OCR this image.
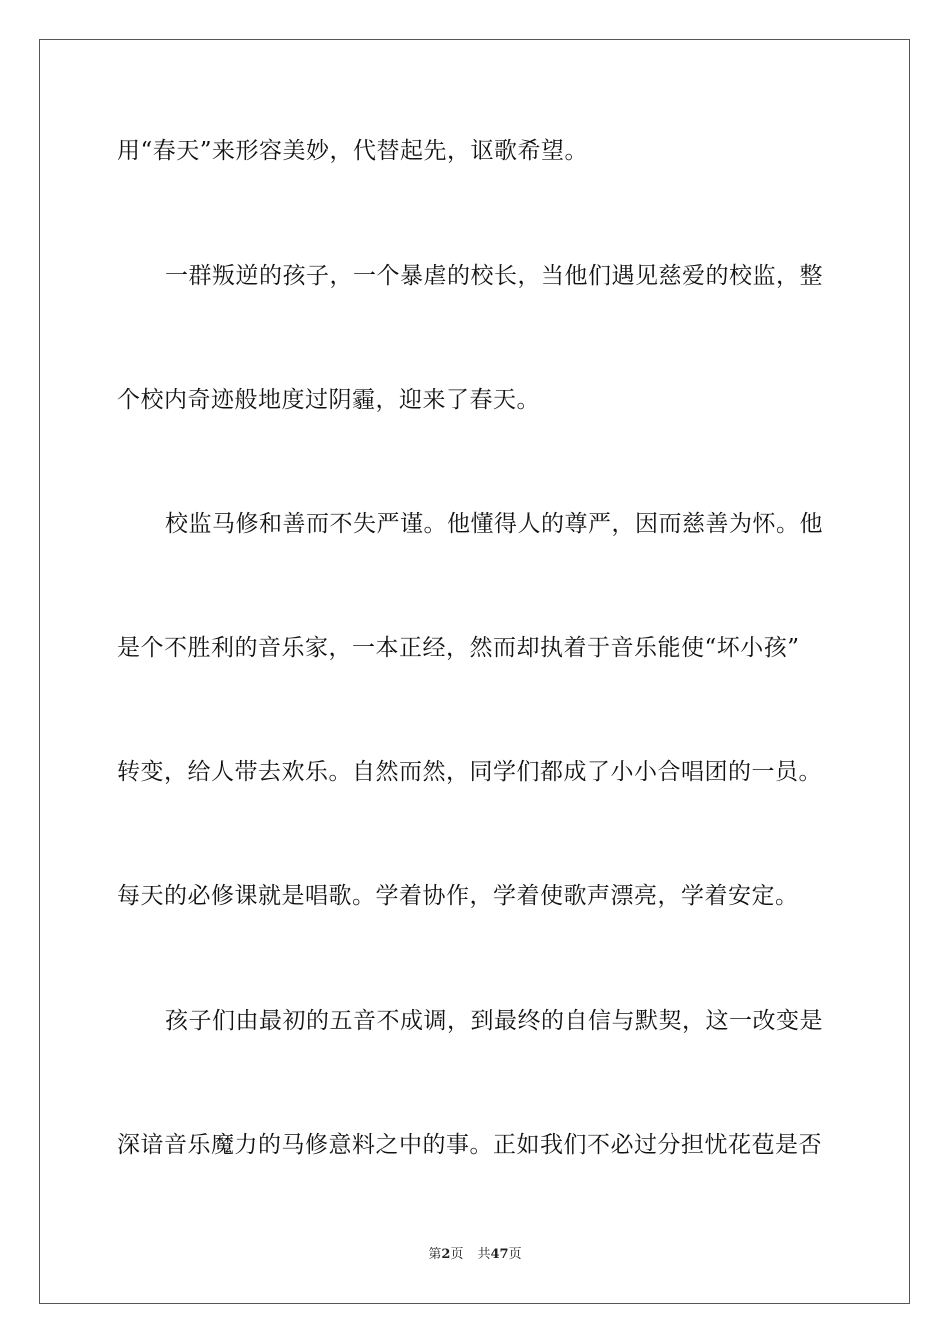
用“春天”来形容美妙，代替起先，讴歌希望。
一群叛逆的孩子，一个暴虐的校长，当他们遇见慈爱的校监，整
个校内奇迹般地度过阴霾，迎来了春天。
校监马修和善而不失严谨。他懂得人的尊严，因而慈善为怀。他
是个不胜利的音乐家，一本正经，然而却执着于音乐能使“坏小孩”
转变，给人带去欢乐。自然而然，同学们都成了小小合唱团的一员。
每天的必修课就是唱歌。学着协作，学着使歌声漂亮，学着安定。
孩子们由最初的五音不成调，到最终的自信与默契，这一改变是
深谙音乐魔力的马修意料之中的事。正如我们不必过分担忧花苞是否
第2页 共47页
